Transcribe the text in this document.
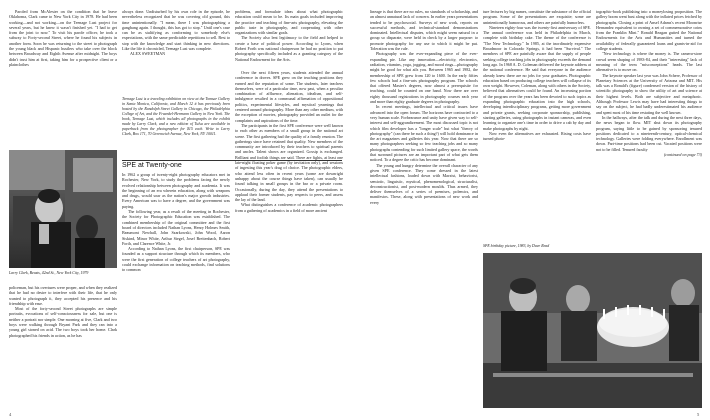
Paroled from McAlester on the condition that he leave Oklahoma, Clark came to New York City in 1978. He had been working—and not working—on the Teenage Lust project for several years, but he knew it wasn't finished yet. "I had to get from the joint to now." To visit his parole officer, he took a subway to Forty-second Street, where he found his subjects in another form. Soon he was returning to the street to photograph the young black and Hispanic hustlers who take over the block between Broadway and Eighth Avenue after midnight. The boys didn't trust him at first, taking him for a prospective client or a plainclothes

Larry Clark, Beasts, 42nd St., New York City, 1979

policeman, but his overtures were proper, and when they realized that he had no desire to interfere with their life, that he only wanted to photograph it, they accepted his presence and his friendship with ease.

Most of the forty-second Street photographs are simple portraits, evocations of self-consciousness for sale, but one is neither a portrait nor simple. One morning at five, Clark and two boys were walking through Bryant Park and they ran into a young girl stoned on acid. The two boys took her home. Clark photographed his friends in action, as he has

always done. Undisturbed by his own role in the episode, he nevertheless recognized that he was covering old ground, this time unintentionally. "I mean, there I was photographing a gangbang again. I thought, this has got to stop." Until one's case can be as stultifying as conforming to somebody else's expectations, with the same predictable repetitions to sell. Best to stop with the knowledge and start thinking in new directions. Like the life it chronicled, Teenage Lust was complete.

ALEX SWEETMAN

Teenage Lust is a traveling exhibition on view at the Tomsar Gallery in Santa Monica, California, and March 12 it has previously been hosted by the Randolph Street Gallery in Chicago, the Philadelphia College of Art, and the Fraenkel-Hermann Gallery in New York. The book, Teenage Lust, which includes all photographs in the exhibit made by Larry Clark, and a new edition of Tulsa are available in paperback from the photographer for $15 each. Write to Larry Clark, Box 171, 70 Greenwich Avenue, New York, NY 10011.
SPE at Twenty-one

In 1962 a group of twenty-eight photography educators met in Rochester, New York, to study the problems facing the newly evolved relationship between photography and academia. It was the beginning of an era wherein education, along with weapons and drugs, would soar as the nation's major growth industries. Every American was to have a degree, and the government was paying.

The following year, as a result of the meeting in Rochester, the Society for Photographic Education was established. The combined membership of the original committee and the first board of directors included Nathan Lyons, Henry Holmes Smith, Beaumont Newhall, John Szarkowski, John Wood, Aaron Siskind, Minor White, Arthur Siegel, Josef Breitenbach, Robert Forth, and Clarence White, Jr.

According to Nathan Lyons, the first chairperson, SPE was founded as a support structure through which its members, who were the first generation of college teachers of art photography, could exchange information on teaching methods, find solutions to common

problems, and formulate ideas about what photographic education could mean to be. Its main goals included improving the practice and teaching of fine-arts photography, elevating the public taste in photography, and cooperating with other organizations with similar goals.

The Society also lent legitimacy to the field and helped to create a base of political power. According to Lyons, when Robert Forth was national chairperson he had no position to put photography specifically included as a granting category of the National Endowment for the Arts.

Over the next fifteen years, students attended the annual conference in droves. SPE grew on the teaching positions they earned and the reputation of some. The students, later teachers themselves, were of a particular time, now past, when a peculiar combination of affluence, alienation, idealism, and self-indulgence resulted in a communal affirmation of oppositional politics, experimental lifestyles, and mystical yearnings that centered around photography. More than any other medium, with the exception of movies, photography provided an outlet for the complaints and aspirations of the time.

The participants in the first SPE conference were well known to each other as members of a small group in the national art scene. The first gathering had the quality of a family reunion. The gatherings since have retained that quality. New members of the community are introduced by their teachers to spiritual parents and uncles. Talent shows are organized. Gossip is exchanged. Brilliant and foolish things are said. There are fights, at least one late-night floating poker game (by invitation only), and sessions of ingesting this year's drug of choice. The photographic elders, who attend less often in recent years (some are downright unhappy about the course things have taken), can usually be found talking in small groups in the bar or a private room. Occasionally, during the day, they attend the presentations to applaud their former students, pay respects to peers, and assess the lay of the land.

What distinguishes a conference of academic photographers from a gathering of academics in a field of more ancient

4

lineage is that there are no rules, no standards of scholarship, and an almost unnatural lack of concern. In earlier years presentations tended to be psychosocial. Surveys of new work, reports on successful methods, and technical-standard demonstrations dominated. Intellectual disputes, which might seem natural in a group so disparate, were held in check by a larger purpose: to promote photography for any use to which it might be put. Toleration was the rule.

Photography was the ever-expanding piece of the ever-expanding pie. Like any innovation—electricity, electronics, radiation, vitamins, yoga, jogging, and mood rings—photography might be good for what ails you. Between 1965 and 1982, the membership of SPE grew from 120 to 1600. In the early fifties few schools had a fine-arts photography program. The schools that offered Master's degrees, now almost a prerequisite for teaching, could be counted on one hand. Now there are over eighty thousand registrations in photography courses each year and more than eighty graduate degrees in photography.

In recent meetings, intellectual and critical issues have advanced into the open forum. The horizons have contracted to a very human scale. Forbearance and unity have given way to self-interest and self-aggrandizement. The most discussed topic is not which film developer has a "longer scale" but what "theory of photography" (can there be such a thing?) will hold dominance in the art magazines and galleries this year. Now that there are so many photographers seeking so few teaching jobs and so many photographs contending for such limited gallery space, the words that surround pictures are an important part of what gets them noticed. To a degree the critic has become dominant.

The young and hungry determine the overall character of any given SPE conference. They come dressed in the latest intellectual fashions, loaded down with Marxist, behaviorist, semiotic, linguistic, mystical, phenomenological, structuralist, deconstructionist, and post-modern moulds. Thus armed, they deliver themselves of a series of premises, polemics, and manifestos. These, along with presentations of new work and every

ture lectures by big names, constitute the substance of the official program. Some of the presentations are exquisite; some are unintentionally humorous, and others are painfully humorless.

Nineteen eighty-four was the twenty-first anniversary of SPE. The annual conference was held in Philadelphia in March, complete with birthday cake. The theme of the conference is "The New Technology." In 1985, at the inordinately expensive Broadmoor in Colorado Springs, it had been "Survival." The members of SPE are painfully aware that the supply of people seeking college teaching jobs in photography exceeds the demand long ago. In 1968 A. D. Coleman delivered the keynote address at the national conference. He said that everyone in the audience already knew there are no jobs for your graduates. Photographic education based on producing college teachers will collapse of its own weight. However, Coleman, along with others in the Society, believed that alternatives could be found. An increasing portion of the program over the years has been devoted to such topics as expanding photographic education into the high schools, developing interdisciplinary programs, getting more government and private grants, seeking corporate sponsorship, publishing, starting galleries, using photographs in instant cameras, and even learning to organize one's time in order to drive a cab by day and make photographs by night.

Now even the alternatives are exhausted. Rising costs have turned photo-

tographic-book publishing into a moneylosing proposition. The gallery boom went bust along with the inflated prices fetched by photographs. Closing a print of Ansel Adams's recent Moonrise Hernandez equivalent to owning a set of commemorative coins from the Franklin Mint." Ronald Reagan gutted the National Endowments for the Arts and Humanities and turned the availability of federally guaranteed loans and grants-in-aid for college students.

"New technology is where the money is. The camera-store crowd seem shaping of 1983-84, and their "interesting" lack of meaning of the term "misconceptions" heads. The last alternative is to move on.

The keynote speaker last year was John Schere, Professor of Planetary Sciences at the University of Arizona and MIT. His talk was a Ronald's (figure) condensed version of the history of scientific photography to show the utility of art and science at their highest levels. Both are subjective and metaphoric. Although Professor Lewis may have had interesting things to say on the subject, he had badly underestimated his audience and spent most of his time restating the well known.

In the hallways, after the talk and during the next three days, the news began to flow. MIT shut down its photography program, saying little to be gained by sponsoring tenured positions dedicated to a nineteenth-century, optical-chemical technology. Galleries were folding everywhere. Enrollment was down. Part-time positions had been cut. Vacated positions were not to be filled. Tenured faculty

(continued on page 73)

SPE birthday picture, 1983, by Dave Read
5
